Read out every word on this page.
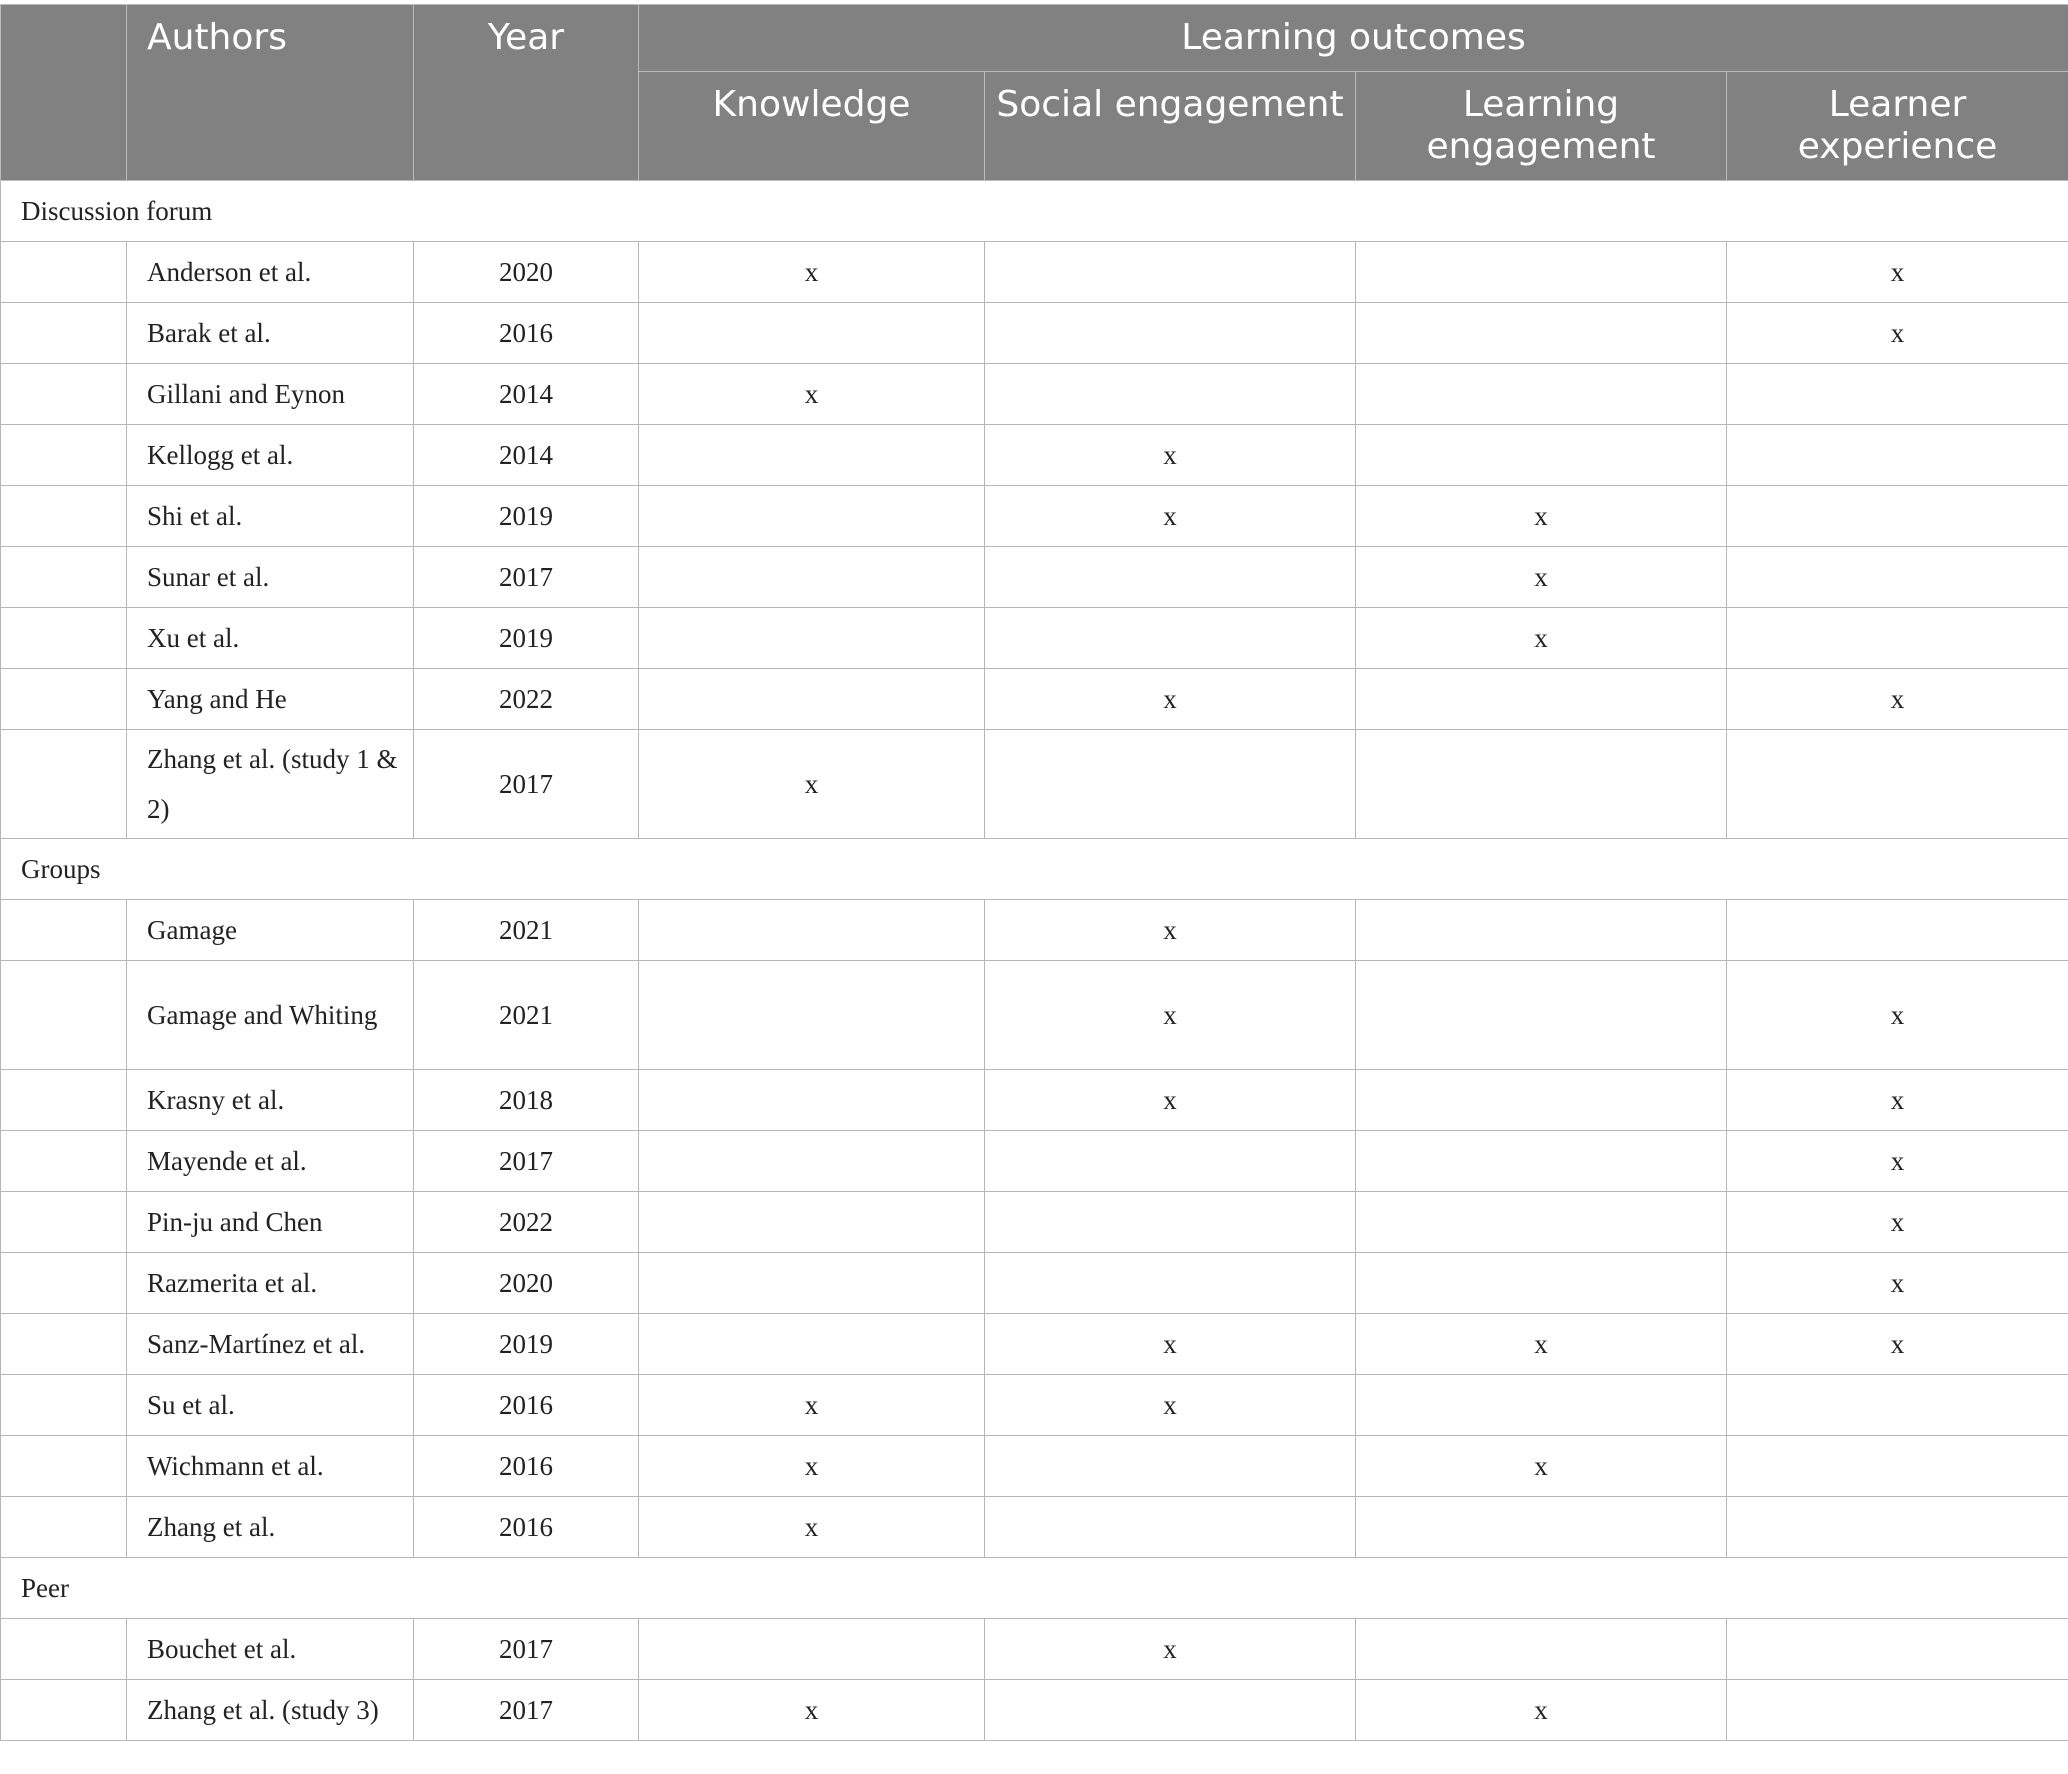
	Authors	Year	Learning outcomes			
			Knowledge	Social engagement	Learning engagement	Learner experience
Discussion forum						
	Anderson et al.	2020	x			x
	Barak et al.	2016				x
	Gillani and Eynon	2014	x			
	Kellogg et al.	2014		x		
	Shi et al.	2019		x	x	
	Sunar et al.	2017			x	
	Xu et al.	2019			x	
	Yang and He	2022		x		x
	Zhang et al. (study 1 & 2)	2017	x			
Groups						
	Gamage	2021		x		
	Gamage and Whiting	2021		x		x
	Krasny et al.	2018		x		x
	Mayende et al.	2017				x
	Pin-ju and Chen	2022				x
	Razmerita et al.	2020				x
	Sanz-Martínez et al.	2019		x	x	x
	Su et al.	2016	x	x		
	Wichmann et al.	2016	x		x	
	Zhang et al.	2016	x			
Peer						
	Bouchet et al.	2017		x		
	Zhang et al. (study 3)	2017	x		x	
